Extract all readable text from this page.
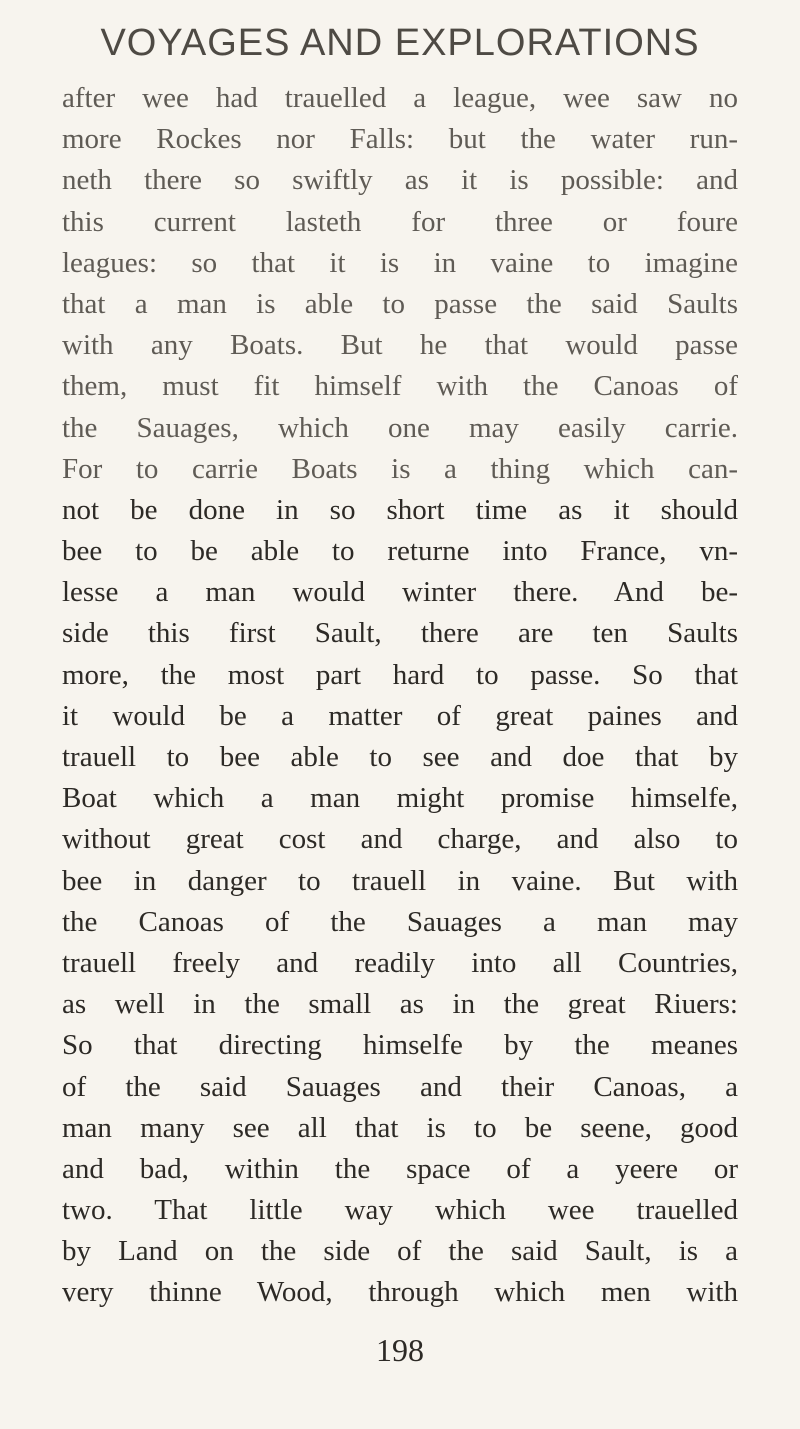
VOYAGES AND EXPLORATIONS
after wee had trauelled a league, wee saw no
more Rockes nor Falls: but the water run-
neth there so swiftly as it is possible: and
this current lasteth for three or foure
leagues: so that it is in vaine to imagine
that a man is able to passe the said Saults
with any Boats. But he that would passe
them, must fit himself with the Canoas of
the Sauages, which one may easily carrie.
For to carrie Boats is a thing which can-
not be done in so short time as it should
bee to be able to returne into France, vn-
lesse a man would winter there. And be-
side this first Sault, there are ten Saults
more, the most part hard to passe. So that
it would be a matter of great paines and
trauell to bee able to see and doe that by
Boat which a man might promise himselfe,
without great cost and charge, and also to
bee in danger to trauell in vaine. But with
the Canoas of the Sauages a man may
trauell freely and readily into all Countries,
as well in the small as in the great Riuers:
So that directing himselfe by the meanes
of the said Sauages and their Canoas, a
man many see all that is to be seene, good
and bad, within the space of a yeere or
two. That little way which wee trauelled
by Land on the side of the said Sault, is a
very thinne Wood, through which men with
198
